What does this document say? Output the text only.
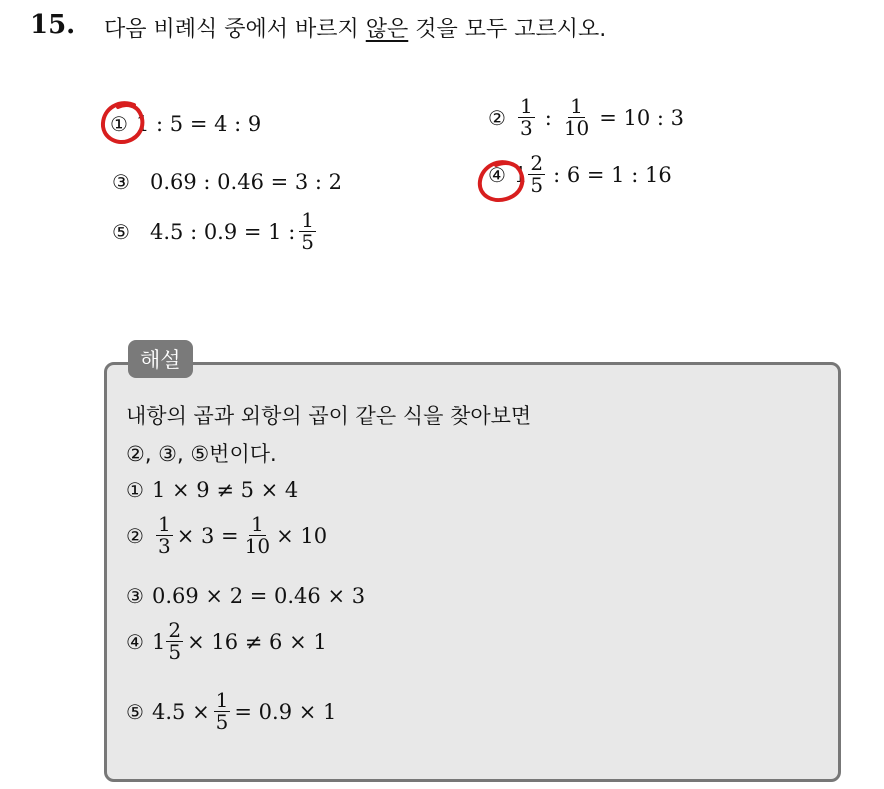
15. 다음 비례식 중에서 바르지 않은 것을 모두 고르시오.
① 1 : 5 = 4 : 9	② $\frac{1}{3}$ : $\frac{1}{10} = 10$ : 3
③ 0.69 : 0.46 = 3 : 2	④ $1 \frac{2}{5}$ : 6 = 1 : 16
⑤ 4.5 : 0.9 = 1 : $\frac{1}{5}$
해설
내항의 곱과 외항의 곱이 같은 식을 찾아보면
②, ③, ⑤번이다.
① 1 × 9 ≠ 5 × 4
② $\frac{1}{3} \times 3 = \frac{1}{10} \times 10$
③ 0.69 × 2 = 0.46 × 3
④ $1 \frac{2}{5} \times 16 \ne 6 \times 1$
⑤ $4.5 \times \frac{1}{5} = 0.9 \times 1$
